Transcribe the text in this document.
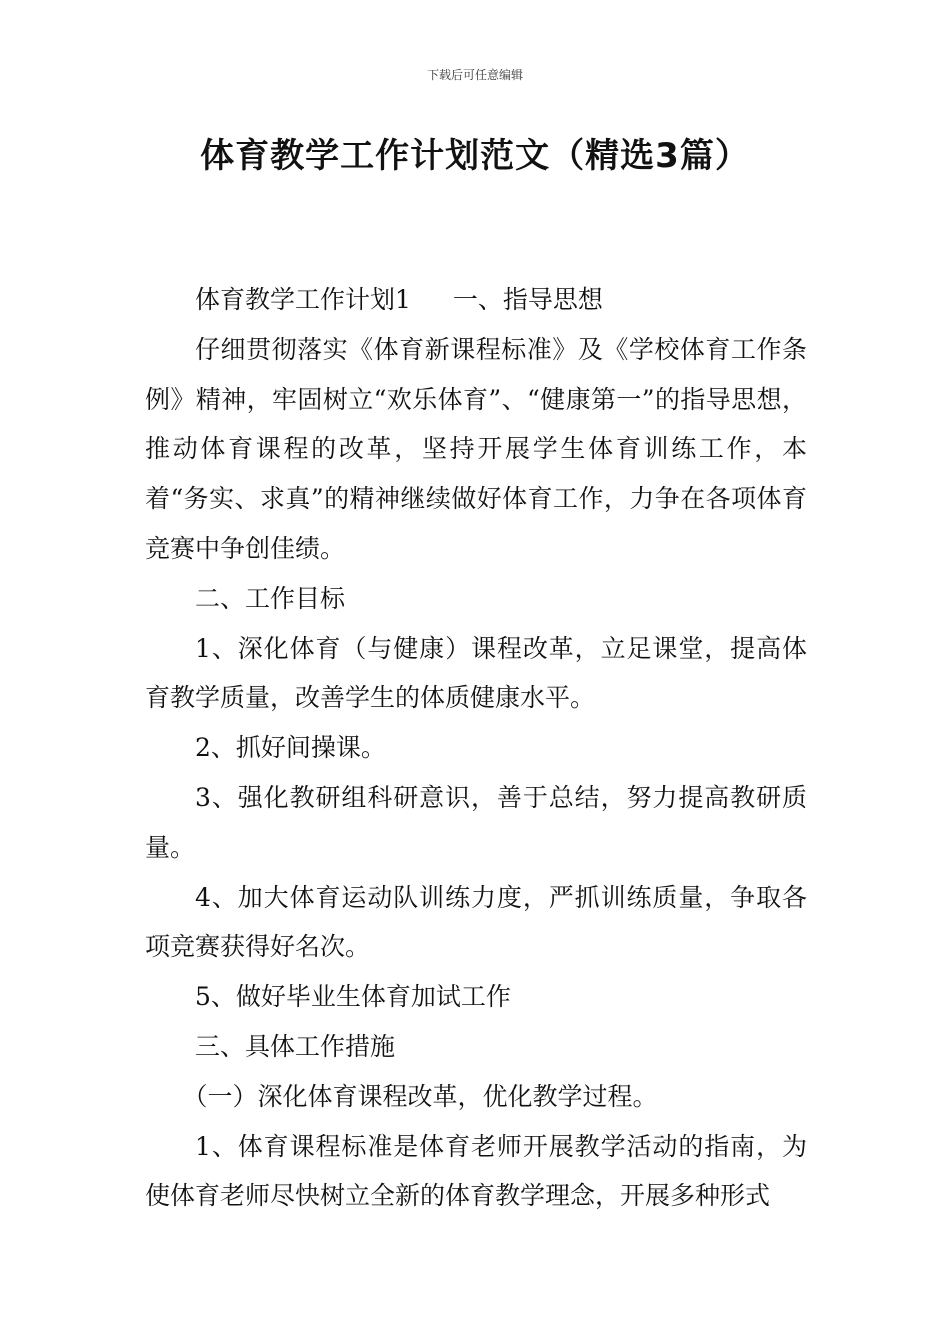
下载后可任意编辑
体育教学工作计划范文（精选3篇）

体育教学工作计划1 一、指导思想

仔细贯彻落实《体育新课程标准》及《学校体育工作条例》精神，牢固树立“欢乐体育”、“健康第一”的指导思想，推动体育课程的改革，坚持开展学生体育训练工作，本着“务实、求真”的精神继续做好体育工作，力争在各项体育竞赛中争创佳绩。

二、工作目标

1、深化体育（与健康）课程改革，立足课堂，提高体育教学质量，改善学生的体质健康水平。

2、抓好间操课。

3、强化教研组科研意识，善于总结，努力提高教研质量。

4、加大体育运动队训练力度，严抓训练质量，争取各项竞赛获得好名次。

5、做好毕业生体育加试工作

三、具体工作措施

（一）深化体育课程改革，优化教学过程。

1、体育课程标准是体育老师开展教学活动的指南，为使体育老师尽快树立全新的体育教学理念，开展多种形式
